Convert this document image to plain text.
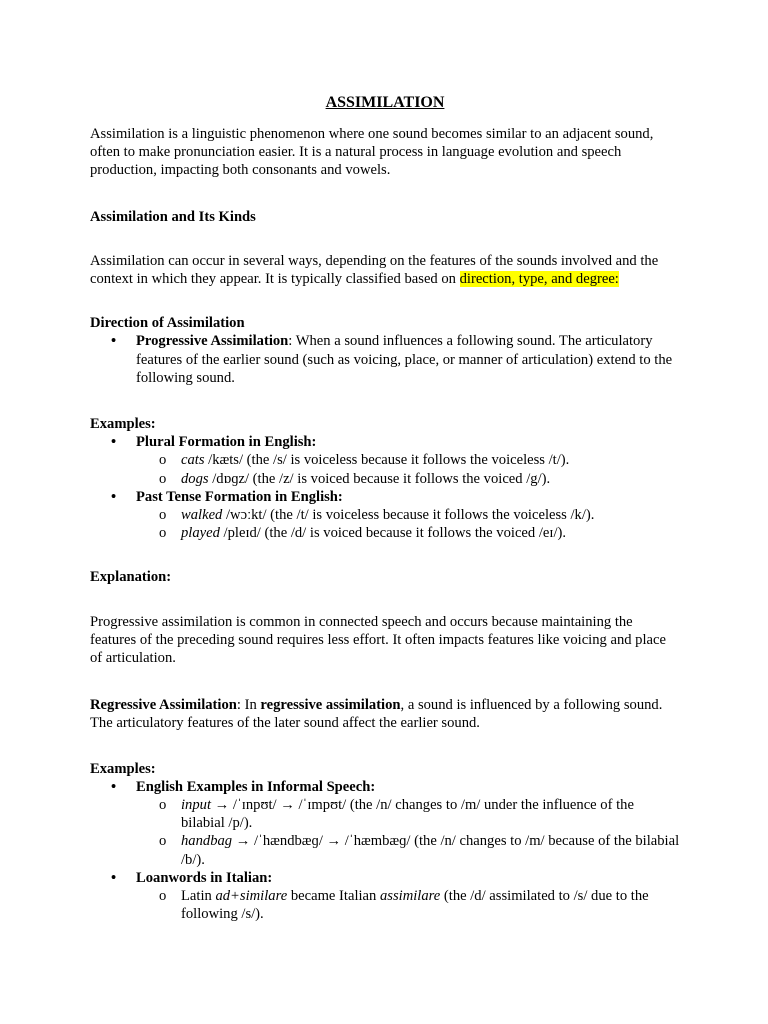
ASSIMILATION

Assimilation is a linguistic phenomenon where one sound becomes similar to an adjacent sound, often to make pronunciation easier. It is a natural process in language evolution and speech production, impacting both consonants and vowels.

Assimilation and Its Kinds

Assimilation can occur in several ways, depending on the features of the sounds involved and the context in which they appear. It is typically classified based on direction, type, and degree:

Direction of Assimilation

• Progressive Assimilation: When a sound influences a following sound. The articulatory features of the earlier sound (such as voicing, place, or manner of articulation) extend to the following sound.

Examples:

• Plural Formation in English:
o cats /kæts/ (the /s/ is voiceless because it follows the voiceless /t/).
o dogs /dɒɡz/ (the /z/ is voiced because it follows the voiced /g/).
• Past Tense Formation in English:
o walked /wɔːkt/ (the /t/ is voiceless because it follows the voiceless /k/).
o played /pleɪd/ (the /d/ is voiced because it follows the voiced /eɪ/).

Explanation:

Progressive assimilation is common in connected speech and occurs because maintaining the features of the preceding sound requires less effort. It often impacts features like voicing and place of articulation.

Regressive Assimilation: In regressive assimilation, a sound is influenced by a following sound. The articulatory features of the later sound affect the earlier sound.

Examples:

• English Examples in Informal Speech:
o input → /ˈɪnpʊt/ → /ˈɪmpʊt/ (the /n/ changes to /m/ under the influence of the bilabial /p/).
o handbag → /ˈhændbæɡ/ → /ˈhæmbæɡ/ (the /n/ changes to /m/ because of the bilabial /b/).
• Loanwords in Italian:
o Latin ad+similare became Italian assimilare (the /d/ assimilated to /s/ due to the following /s/).
